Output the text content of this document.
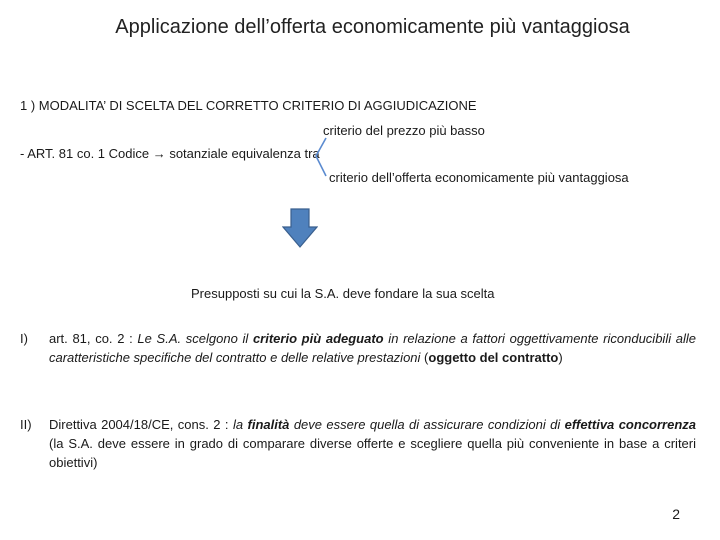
Applicazione dell’offerta economicamente più vantaggiosa
1 ) MODALITA’ DI SCELTA DEL CORRETTO CRITERIO DI AGGIUDICAZIONE
criterio del prezzo più basso
- ART. 81 co. 1 Codice → sotanziale equivalenza tra
criterio dell’offerta economicamente più vantaggiosa
Presupposti su cui la S.A. deve fondare la sua scelta
I) art. 81, co. 2 : Le S.A. scelgono il criterio più adeguato in relazione a fattori oggettivamente riconducibili alle caratteristiche specifiche del contratto e delle relative prestazioni (oggetto del contratto)
II) Direttiva 2004/18/CE, cons. 2 : la finalità deve essere quella di assicurare condizioni di effettiva concorrenza (la S.A. deve essere in grado di comparare diverse offerte e scegliere quella più conveniente in base a criteri obiettivi)
2
